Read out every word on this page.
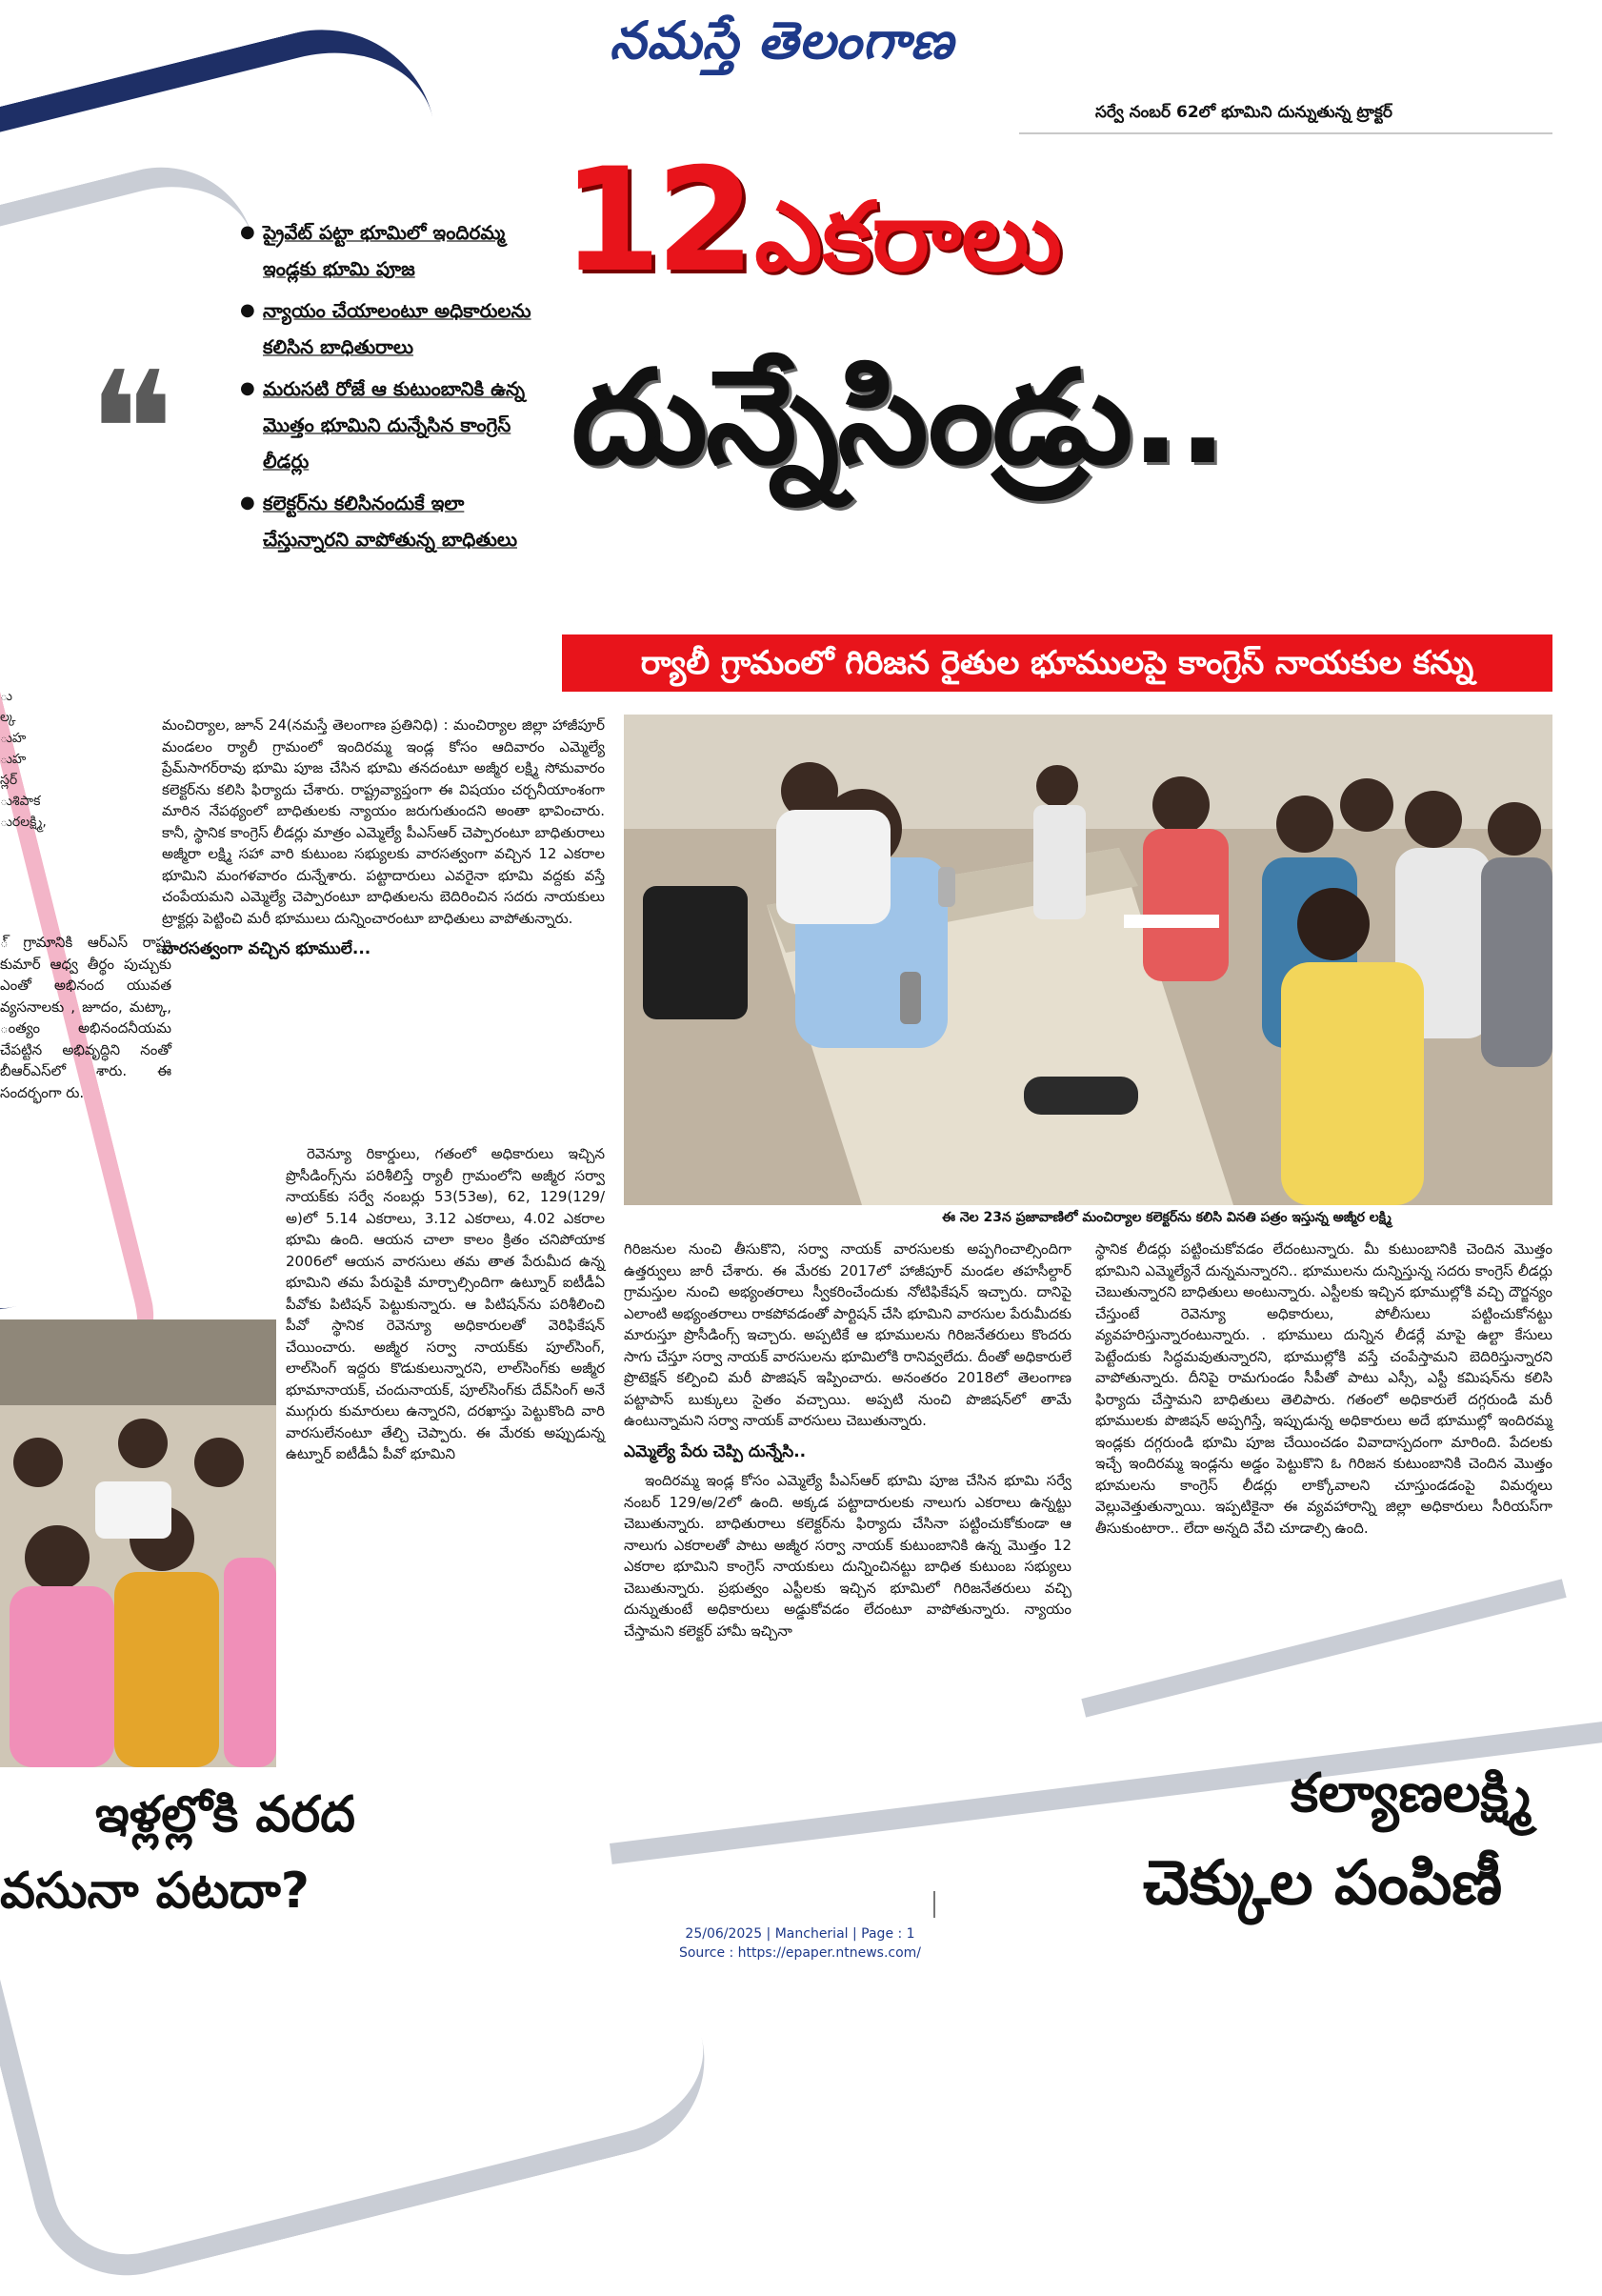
నమస్తే తెలంగాణ
సర్వే నంబర్ 62లో భూమిని దున్నుతున్న ట్రాక్టర్
12 ఎకరాలు
దున్నేసిండ్రు..
ర్యాలీ గ్రామంలో గిరిజన రైతుల భూములపై కాంగ్రెస్ నాయకుల కన్ను
❝
● ప్రైవేట్ పట్టా భూమిలో ఇందిరమ్మ ఇండ్లకు భూమి పూజ
● న్యాయం చేయాలంటూ అధికారులను కలిసిన బాధితురాలు
● మరుసటి రోజే ఆ కుటుంబానికి ఉన్న మొత్తం భూమిని దున్నేసిన కాంగ్రెస్ లీడర్లు
● కలెక్టర్‌ను కలిసినందుకే ఇలా చేస్తున్నారని వాపోతున్న బాధితులు
ు
ల్క
ుహ
ుహ
స్లర్
ుశిపాక
ురలక్ష్మి,
్ గ్రామానికి ఆర్‌ఎస్ రాష్ట్ర కుమార్ ఆధ్వ తీర్థం పుచ్చుకు ఎంతో అభినంద యువత వ్యసనాలకు , జూదం, మట్కా, ంత్యం అభినందనీయమ చేపట్టిన అభివృద్ధిని నంతో బీఆర్‌ఎస్‌లో శారు. ఈ సందర్భంగా రు.

మంచిర్యాల, జూన్ 24(నమస్తే తెలంగాణ ప్రతినిధి) : మంచిర్యాల జిల్లా హాజీపూర్ మండలం ర్యాలీ గ్రామంలో ఇందిరమ్మ ఇండ్ల కోసం ఆదివారం ఎమ్మెల్యే ప్రేమ్‌సాగర్‌రావు భూమి పూజ చేసిన భూమి తనదంటూ అజ్మీర లక్ష్మి సోమవారం కలెక్టర్‌ను కలిసి ఫిర్యాదు చేశారు. రాష్ట్రవ్యాప్తంగా ఈ విషయం చర్చనీయాంశంగా మారిన నేపథ్యంలో బాధితులకు న్యాయం జరుగుతుందని అంతా భావించారు. కానీ, స్థానిక కాంగ్రెస్ లీడర్లు మాత్రం ఎమ్మెల్యే పీఎస్‌ఆర్ చెప్పారంటూ బాధితురాలు అజ్మీరా లక్ష్మి సహా వారి కుటుంబ సభ్యులకు వారసత్వంగా వచ్చిన 12 ఎకరాల భూమిని మంగళవారం దున్నేశారు. పట్టాదారులు ఎవరైనా భూమి వద్దకు వస్తే చంపేయమని ఎమ్మెల్యే చెప్పారంటూ బాధితులను బెదిరించిన సదరు నాయకులు ట్రాక్టర్లు పెట్టించి మరీ భూములు దున్నించారంటూ బాధితులు వాపోతున్నారు.

వారసత్వంగా వచ్చిన భూములే...

రెవెన్యూ రికార్డులు, గతంలో అధికారులు ఇచ్చిన ప్రొసీడింగ్స్‌ను పరిశీలిస్తే ర్యాలీ గ్రామంలోని అజ్మీర సర్వా నాయక్‌కు సర్వే నంబర్లు 53(53అ), 62, 129(129/అ)లో 5.14 ఎకరాలు, 3.12 ఎకరాలు, 4.02 ఎకరాల భూమి ఉంది. ఆయన చాలా కాలం క్రితం చనిపోయాక 2006లో ఆయన వారసులు తమ తాత పేరుమీద ఉన్న భూమిని తమ పేరుపైకి మార్చాల్సిందిగా ఉట్నూర్ ఐటీడీఏ పీవోకు పిటిషన్ పెట్టుకున్నారు. ఆ పిటిషన్‌ను పరిశీలించి పీవో స్థానిక రెవెన్యూ అధికారులతో వెరిఫికేషన్ చేయించారు. అజ్మీర సర్వా నాయక్‌కు పూల్‌సింగ్, లాల్‌సింగ్ ఇద్దరు కొడుకులున్నారని, లాల్‌సింగ్‌కు అజ్మీర భూమానాయక్, చందునాయక్, పూల్‌సింగ్‌కు దేవ్‌సింగ్ అనే ముగ్గురు కుమారులు ఉన్నారని, దరఖాస్తు పెట్టుకొంది వారి వారసులేనంటూ తేల్చి చెప్పారు. ఈ మేరకు అప్పుడున్న ఉట్నూర్ ఐటీడీఏ పీవో భూమిని

ఈ నెల 23న ప్రజావాణిలో మంచిర్యాల కలెక్టర్‌ను కలిసి వినతి పత్రం ఇస్తున్న అజ్మీర లక్ష్మి

గిరిజనుల నుంచి తీసుకొని, సర్వా నాయక్ వారసులకు అప్పగించాల్సిందిగా ఉత్తర్వులు జారీ చేశారు. ఈ మేరకు 2017లో హాజీపూర్ మండల తహసీల్దార్ గ్రామస్తుల నుంచి అభ్యంతరాలు స్వీకరించేందుకు నోటిఫికేషన్ ఇచ్చారు. దానిపై ఎలాంటి అభ్యంతరాలు రాకపోవడంతో పార్టిషన్ చేసి భూమిని వారసుల పేరుమీదకు మారుస్తూ ప్రొసీడింగ్స్ ఇచ్చారు. అప్పటికే ఆ భూములను గిరిజనేతరులు కొందరు సాగు చేస్తూ సర్వా నాయక్ వారసులను భూమిలోకి రానివ్వలేదు. దీంతో అధికారులే ప్రొటెక్షన్ కల్పించి మరీ పొజిషన్ ఇప్పించారు. అనంతరం 2018లో తెలంగాణ పట్టాపాస్ బుక్కులు సైతం వచ్చాయి. అప్పటి నుంచి పొజిషన్‌లో తామే ఉంటున్నామని సర్వా నాయక్ వారసులు చెబుతున్నారు.

ఎమ్మెల్యే పేరు చెప్పి దున్నేసి..

ఇందిరమ్మ ఇండ్ల కోసం ఎమ్మెల్యే పీఎస్‌ఆర్ భూమి పూజ చేసిన భూమి సర్వే నంబర్ 129/అ/2లో ఉంది. అక్కడ పట్టాదారులకు నాలుగు ఎకరాలు ఉన్నట్టు చెబుతున్నారు. బాధితురాలు కలెక్టర్‌ను ఫిర్యాదు చేసినా పట్టించుకోకుండా ఆ నాలుగు ఎకరాలతో పాటు అజ్మీర సర్వా నాయక్ కుటుంబానికి ఉన్న మొత్తం 12 ఎకరాల భూమిని కాంగ్రెస్ నాయకులు దున్నించినట్టు బాధిత కుటుంబ సభ్యులు చెబుతున్నారు. ప్రభుత్వం ఎస్టీలకు ఇచ్చిన భూమిలో గిరిజనేతరులు వచ్చి దున్నుతుంటే అధికారులు అడ్డుకోవడం లేదంటూ వాపోతున్నారు. న్యాయం చేస్తామని కలెక్టర్ హామీ ఇచ్చినా

స్థానిక లీడర్లు పట్టించుకోవడం లేదంటున్నారు. మీ కుటుంబానికి చెందిన మొత్తం భూమిని ఎమ్మెల్యేనే దున్నమన్నారని.. భూములను దున్నిస్తున్న సదరు కాంగ్రెస్ లీడర్లు చెబుతున్నారని బాధితులు అంటున్నారు. ఎస్టీలకు ఇచ్చిన భూముల్లోకి వచ్చి దౌర్జన్యం చేస్తుంటే రెవెన్యూ అధికారులు, పోలీసులు పట్టించుకోనట్టు వ్యవహరిస్తున్నారంటున్నారు. . భూములు దున్నిన లీడర్లే మాపై ఉల్టా కేసులు పెట్టేందుకు సిద్ధమవుతున్నారని, భూముల్లోకి వస్తే చంపేస్తామని బెదిరిస్తున్నారని వాపోతున్నారు. దీనిపై రామగుండం సీపీతో పాటు ఎస్సీ, ఎస్టీ కమిషన్‌ను కలిసి ఫిర్యాదు చేస్తామని బాధితులు తెలిపారు. గతంలో అధికారులే దగ్గరుండి మరీ భూములకు పొజిషన్ అప్పగిస్తే, ఇప్పుడున్న అధికారులు అదే భూముల్లో ఇందిరమ్మ ఇండ్లకు దగ్గరుండి భూమి పూజ చేయించడం వివాదాస్పదంగా మారింది. పేదలకు ఇచ్చే ఇందిరమ్మ ఇండ్లను అడ్డం పెట్టుకొని ఓ గిరిజన కుటుంబానికి చెందిన మొత్తం భూమలను కాంగ్రెస్ లీడర్లు లాక్కోవాలని చూస్తుండడంపై విమర్శలు వెల్లువెత్తుతున్నాయి. ఇప్పటికైనా ఈ వ్యవహారాన్ని జిల్లా అధికారులు సీరియస్‌గా తీసుకుంటారా.. లేదా అన్నది వేచి చూడాల్సి ఉంది.

ఇళ్లల్లోకి వరద
వసునా పటదా?
కల్యాణలక్ష్మి
చెక్కుల పంపిణీ
25/06/2025 | Mancherial | Page : 1
Source : https://epaper.ntnews.com/
